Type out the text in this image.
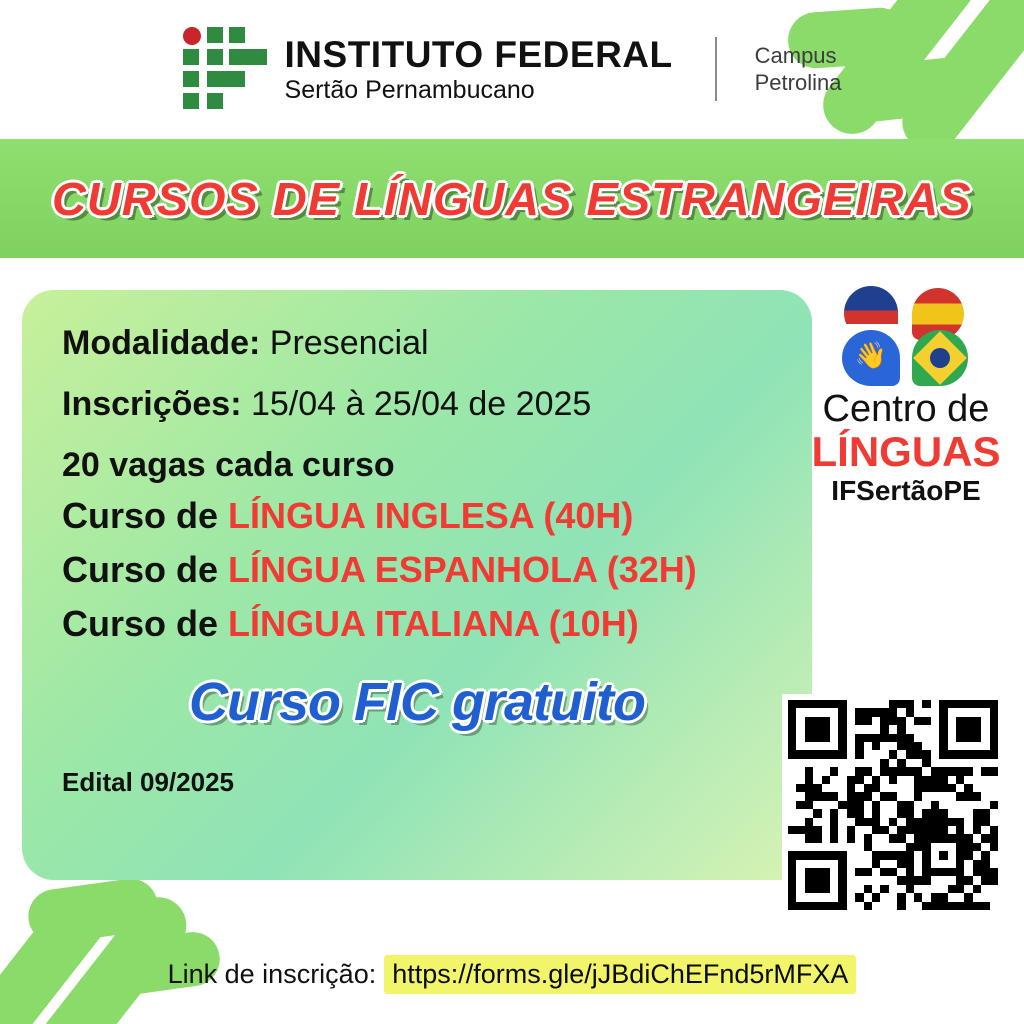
INSTITUTO FEDERAL
Sertão Pernambucano
Campus
Petrolina
CURSOS DE LÍNGUAS ESTRANGEIRAS

Modalidade: Presencial

Inscrições: 15/04 à 25/04 de 2025

20 vagas cada curso

Curso de LÍNGUA INGLESA (40H)

Curso de LÍNGUA ESPANHOLA (32H)

Curso de LÍNGUA ITALIANA (10H)

Curso FIC gratuito
Edital 09/2025
👋
Centro de
LÍNGUAS
IFSertãoPE
Link de inscrição: https://forms.gle/jJBdiChEFnd5rMFXA
